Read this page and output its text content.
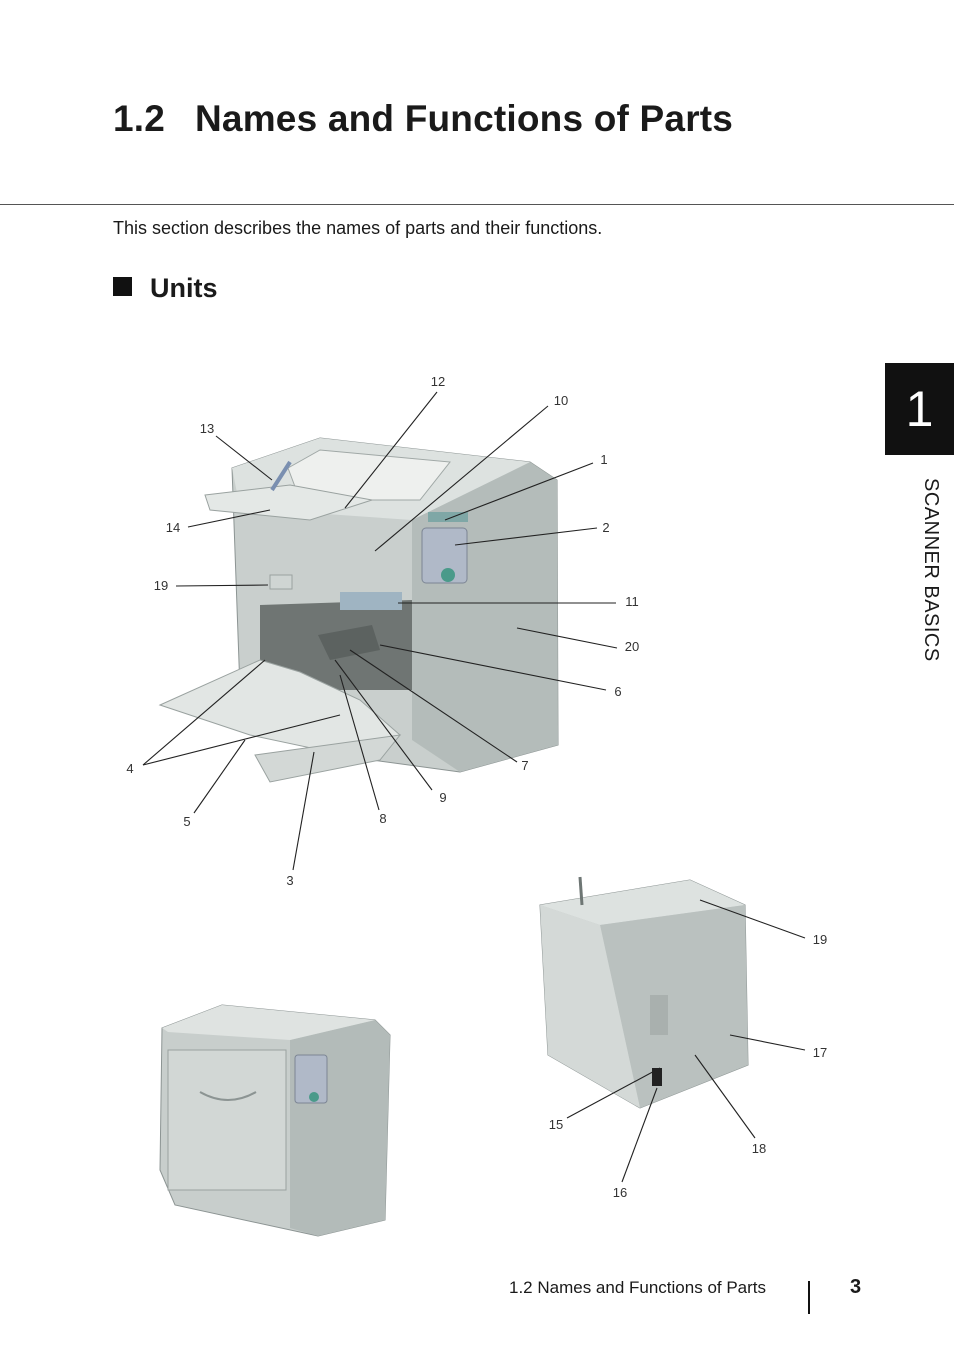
1.2 Names and Functions of Parts

This section describes the names of parts and their functions.

Units
1
SCANNER BASICS
12
10
13
1
14	2
19
11
20
6
7
4
9
5	8
3
19
17
15
18
16
1.2 Names and Functions of Parts	3
